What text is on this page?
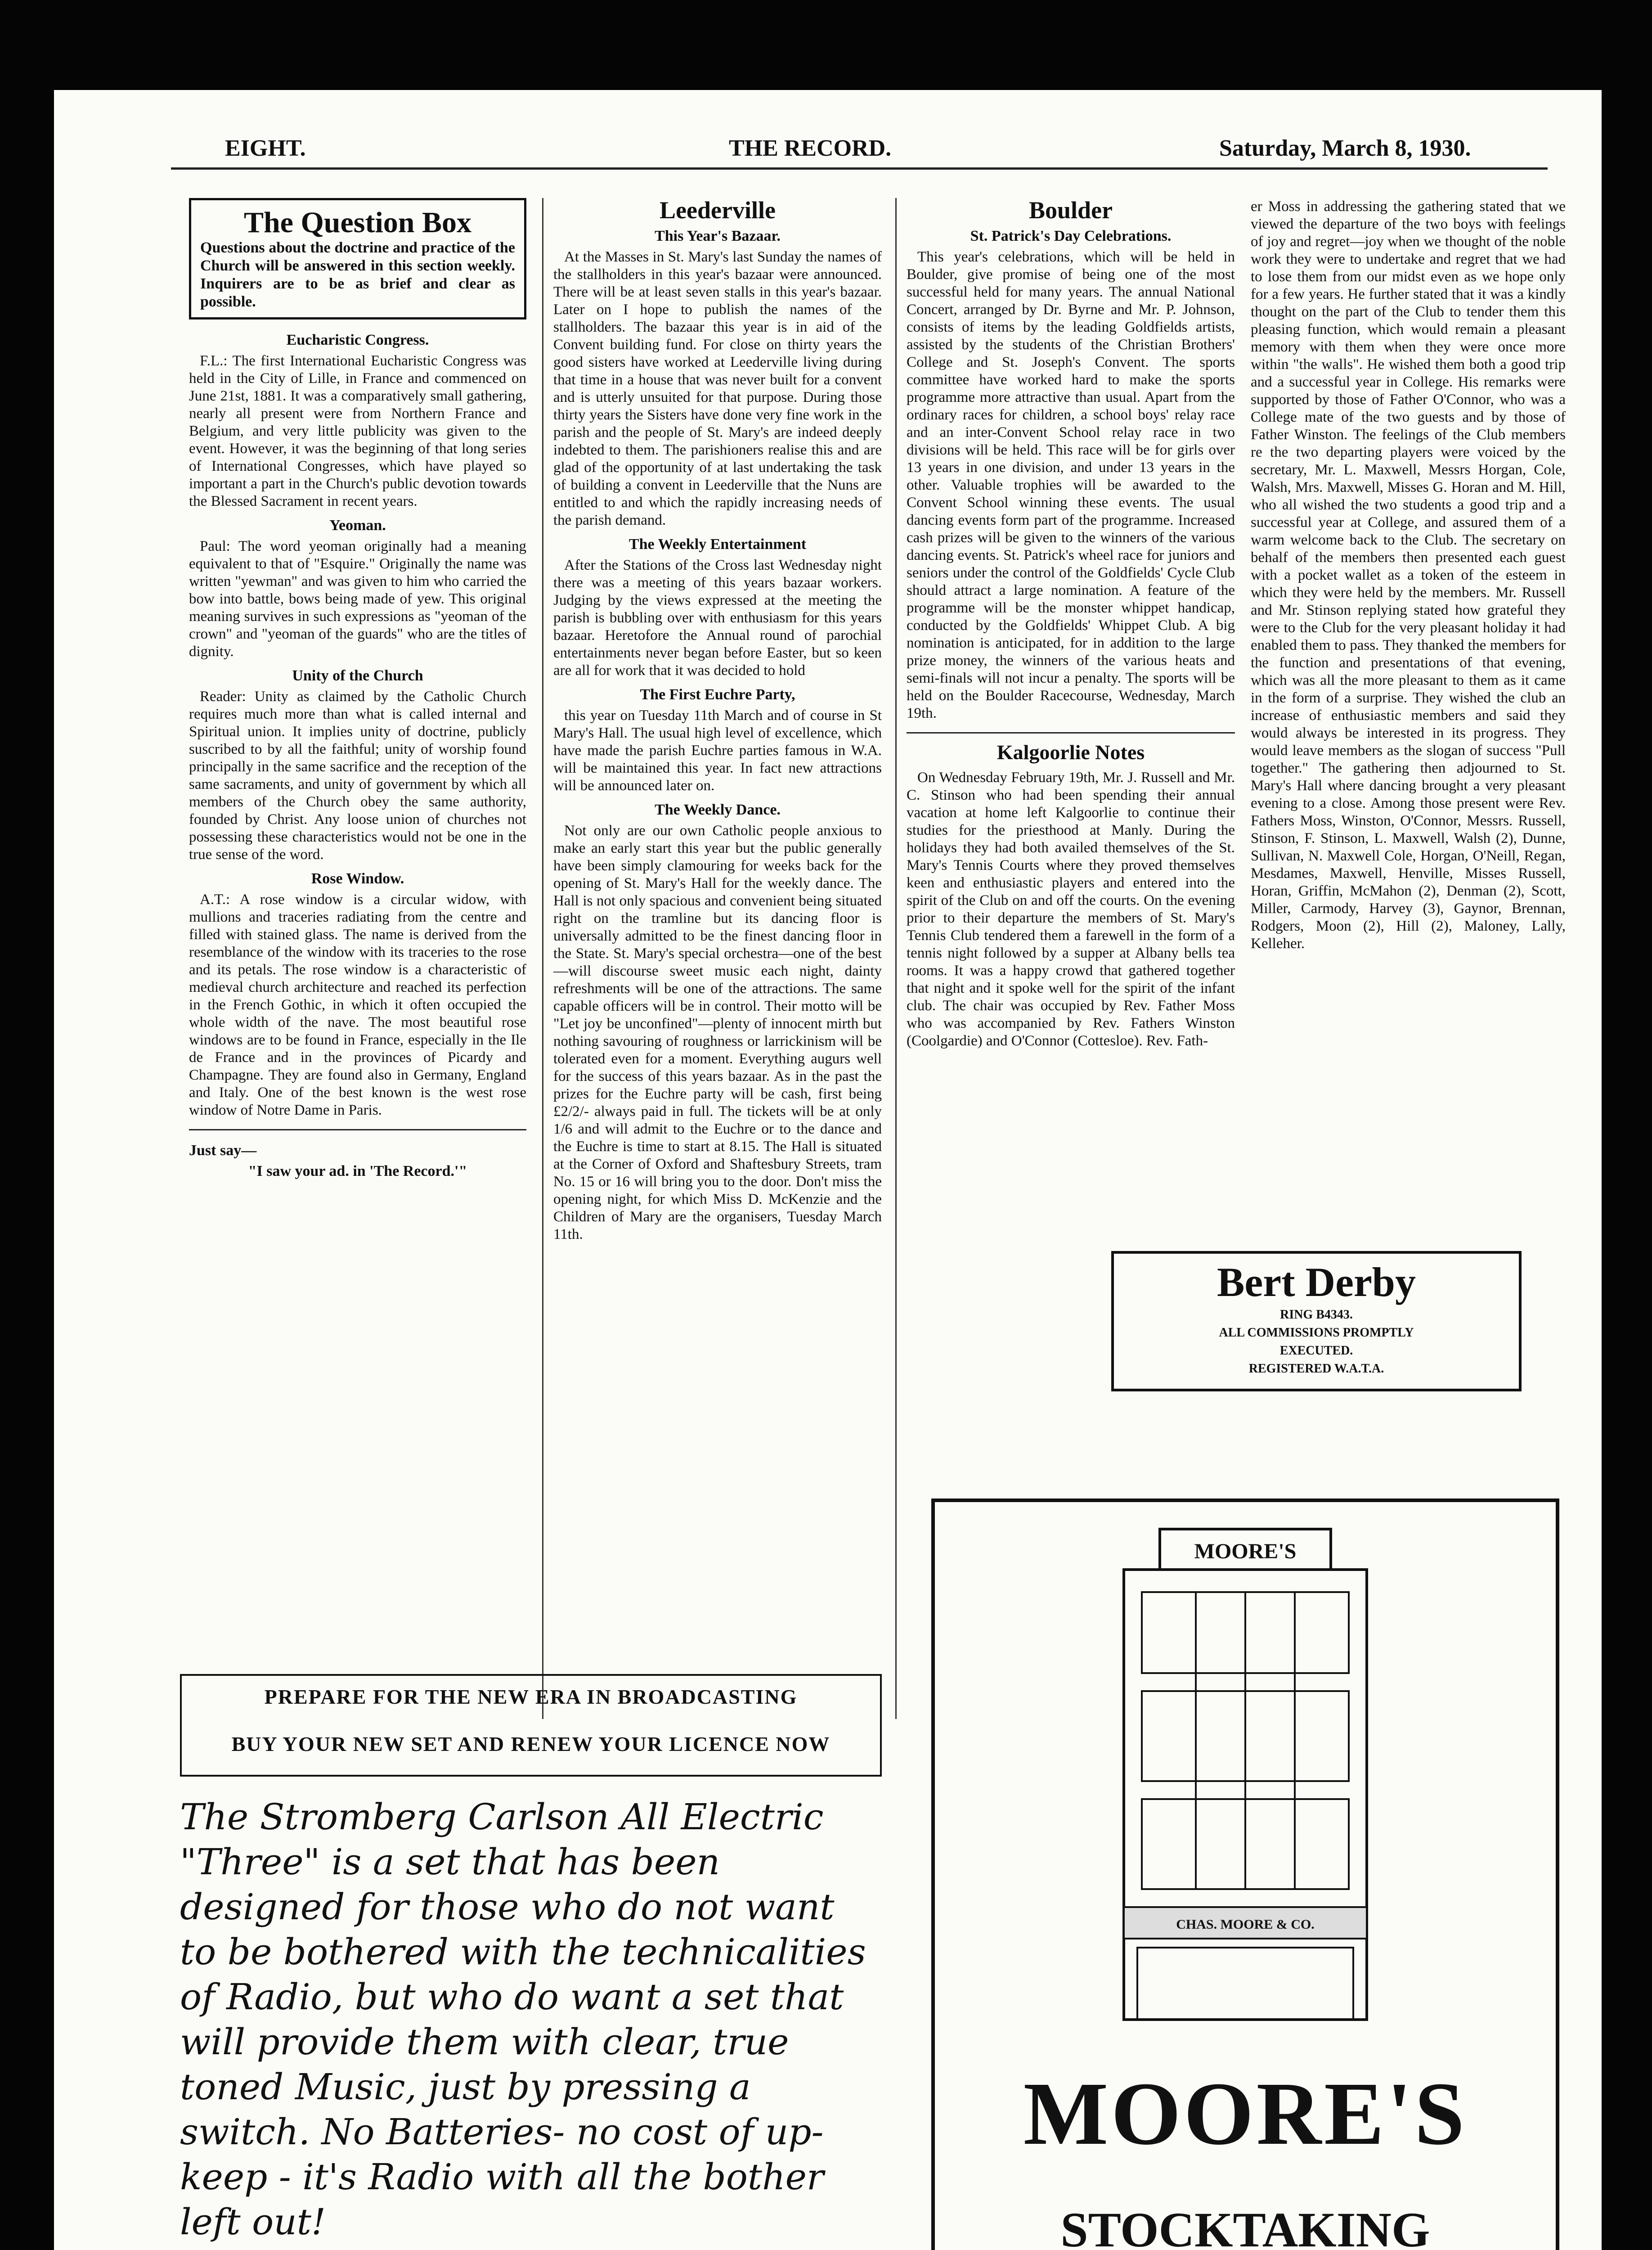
EIGHT.	THE RECORD.	Saturday, March 8, 1930.
The Question Box
Questions about the doctrine and practice of the Church will be answered in this section weekly. Inquirers are to be as brief and clear as possible.
Eucharistic Congress.

F.L.: The first International Eucharistic Congress was held in the City of Lille, in France and commenced on June 21st, 1881. It was a comparatively small gathering, nearly all present were from Northern France and Belgium, and very little publicity was given to the event. However, it was the beginning of that long series of International Congresses, which have played so important a part in the Church's public devotion towards the Blessed Sacrament in recent years.

Yeoman.

Paul: The word yeoman originally had a meaning equivalent to that of "Esquire." Originally the name was written "yewman" and was given to him who carried the bow into battle, bows being made of yew. This original meaning survives in such expressions as "yeoman of the crown" and "yeoman of the guards" who are the titles of dignity.

Unity of the Church

Reader: Unity as claimed by the Catholic Church requires much more than what is called internal and Spiritual union. It implies unity of doctrine, publicly suscribed to by all the faithful; unity of worship found principally in the same sacrifice and the reception of the same sacraments, and unity of government by which all members of the Church obey the same authority, founded by Christ. Any loose union of churches not possessing these characteristics would not be one in the true sense of the word.

Rose Window.

A.T.: A rose window is a circular widow, with mullions and traceries radiating from the centre and filled with stained glass. The name is derived from the resemblance of the window with its traceries to the rose and its petals. The rose window is a characteristic of medieval church architecture and reached its perfection in the French Gothic, in which it often occupied the whole width of the nave. The most beautiful rose windows are to be found in France, especially in the Ile de France and in the provinces of Picardy and Champagne. They are found also in Germany, England and Italy. One of the best known is the west rose window of Notre Dame in Paris.

Just say—
"I saw your ad. in 'The Record.'"
Leederville
This Year's Bazaar.

At the Masses in St. Mary's last Sunday the names of the stallholders in this year's bazaar were announced. There will be at least seven stalls in this year's bazaar. Later on I hope to publish the names of the stallholders. The bazaar this year is in aid of the Convent building fund. For close on thirty years the good sisters have worked at Leederville living during that time in a house that was never built for a convent and is utterly unsuited for that purpose. During those thirty years the Sisters have done very fine work in the parish and the people of St. Mary's are indeed deeply indebted to them. The parishioners realise this and are glad of the opportunity of at last undertaking the task of building a convent in Leederville that the Nuns are entitled to and which the rapidly increasing needs of the parish demand.

The Weekly Entertainment

After the Stations of the Cross last Wednesday night there was a meeting of this years bazaar workers. Judging by the views expressed at the meeting the parish is bubbling over with enthusiasm for this years bazaar. Heretofore the Annual round of parochial entertainments never began before Easter, but so keen are all for work that it was decided to hold

The First Euchre Party,

this year on Tuesday 11th March and of course in St Mary's Hall. The usual high level of excellence, which have made the parish Euchre parties famous in W.A. will be maintained this year. In fact new attractions will be announced later on.

The Weekly Dance.

Not only are our own Catholic people anxious to make an early start this year but the public generally have been simply clamouring for weeks back for the opening of St. Mary's Hall for the weekly dance. The Hall is not only spacious and convenient being situated right on the tramline but its dancing floor is universally admitted to be the finest dancing floor in the State. St. Mary's special orchestra—one of the best—will discourse sweet music each night, dainty refreshments will be one of the attractions. The same capable officers will be in control. Their motto will be "Let joy be unconfined"—plenty of innocent mirth but nothing savouring of roughness or larrickinism will be tolerated even for a moment. Everything augurs well for the success of this years bazaar. As in the past the prizes for the Euchre party will be cash, first being £2/2/- always paid in full. The tickets will be at only 1/6 and will admit to the Euchre or to the dance and the Euchre is time to start at 8.15. The Hall is situated at the Corner of Oxford and Shaftesbury Streets, tram No. 15 or 16 will bring you to the door. Don't miss the opening night, for which Miss D. McKenzie and the Children of Mary are the organisers, Tuesday March 11th.

Boulder
St. Patrick's Day Celebrations.

This year's celebrations, which will be held in Boulder, give promise of being one of the most successful held for many years. The annual National Concert, arranged by Dr. Byrne and Mr. P. Johnson, consists of items by the leading Goldfields artists, assisted by the students of the Christian Brothers' College and St. Joseph's Convent. The sports committee have worked hard to make the sports programme more attractive than usual. Apart from the ordinary races for children, a school boys' relay race and an inter-Convent School relay race in two divisions will be held. This race will be for girls over 13 years in one division, and under 13 years in the other. Valuable trophies will be awarded to the Convent School winning these events. The usual dancing events form part of the programme. Increased cash prizes will be given to the winners of the various dancing events. St. Patrick's wheel race for juniors and seniors under the control of the Goldfields' Cycle Club should attract a large nomination. A feature of the programme will be the monster whippet handicap, conducted by the Goldfields' Whippet Club. A big nomination is anticipated, for in addition to the large prize money, the winners of the various heats and semi-finals will not incur a penalty. The sports will be held on the Boulder Racecourse, Wednesday, March 19th.

Kalgoorlie Notes

On Wednesday February 19th, Mr. J. Russell and Mr. C. Stinson who had been spending their annual vacation at home left Kalgoorlie to continue their studies for the priesthood at Manly. During the holidays they had both availed themselves of the St. Mary's Tennis Courts where they proved themselves keen and enthusiastic players and entered into the spirit of the Club on and off the courts. On the evening prior to their departure the members of St. Mary's Tennis Club tendered them a farewell in the form of a tennis night followed by a supper at Albany bells tea rooms. It was a happy crowd that gathered together that night and it spoke well for the spirit of the infant club. The chair was occupied by Rev. Father Moss who was accompanied by Rev. Fathers Winston (Coolgardie) and O'Connor (Cottesloe). Rev. Fath-

er Moss in addressing the gathering stated that we viewed the departure of the two boys with feelings of joy and regret—joy when we thought of the noble work they were to undertake and regret that we had to lose them from our midst even as we hope only for a few years. He further stated that it was a kindly thought on the part of the Club to tender them this pleasing function, which would remain a pleasant memory with them when they were once more within "the walls". He wished them both a good trip and a successful year in College. His remarks were supported by those of Father O'Connor, who was a College mate of the two guests and by those of Father Winston. The feelings of the Club members re the two departing players were voiced by the secretary, Mr. L. Maxwell, Messrs Horgan, Cole, Walsh, Mrs. Maxwell, Misses G. Horan and M. Hill, who all wished the two students a good trip and a successful year at College, and assured them of a warm welcome back to the Club. The secretary on behalf of the members then presented each guest with a pocket wallet as a token of the esteem in which they were held by the members. Mr. Russell and Mr. Stinson replying stated how grateful they were to the Club for the very pleasant holiday it had enabled them to pass. They thanked the members for the function and presentations of that evening, which was all the more pleasant to them as it came in the form of a surprise. They wished the club an increase of enthusiastic members and said they would always be interested in its progress. They would leave members as the slogan of success "Pull together." The gathering then adjourned to St. Mary's Hall where dancing brought a very pleasant evening to a close. Among those present were Rev. Fathers Moss, Winston, O'Connor, Messrs. Russell, Stinson, F. Stinson, L. Maxwell, Walsh (2), Dunne, Sullivan, N. Maxwell Cole, Horgan, O'Neill, Regan, Mesdames, Maxwell, Henville, Misses Russell, Horan, Griffin, McMahon (2), Denman (2), Scott, Miller, Carmody, Harvey (3), Gaynor, Brennan, Rodgers, Moon (2), Hill (2), Maloney, Lally, Kelleher.

Bert Derby
RING B4343.
ALL COMMISSIONS PROMPTLY
EXECUTED.
REGISTERED W.A.T.A.
PREPARE FOR THE NEW ERA IN BROADCASTING
BUY YOUR NEW SET AND RENEW YOUR LICENCE NOW
The Stromberg Carlson All Electric "Three" is a set that has been designed for those who do not want to be bothered with the technicalities of Radio, but who do want a set that will provide them with clear, true toned Music, just by pressing a switch. No Batteries- no cost of up-keep - it's Radio with all the bother left out!
MOORE'S
CHAS. MOORE & CO.
MOORE'S
STOCKTAKING
